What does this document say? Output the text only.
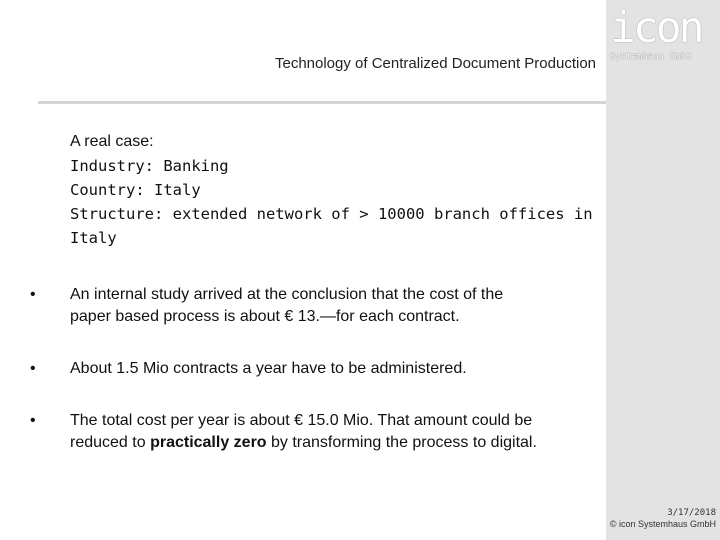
icon
Systemhaus GmbH
Technology of Centralized Document Production
A real case:

Industry: Banking

Country: Italy

Structure: extended network of > 10000 branch offices in

Italy

• An internal study arrived at the conclusion that the cost of the
paper based process is about € 13.—for each contract.
• About 1.5 Mio contracts a year have to be administered.
• The total cost per year is about € 15.0 Mio. That amount could be
reduced to practically zero by transforming the process to digital.
3/17/2018
© icon Systemhaus GmbH
